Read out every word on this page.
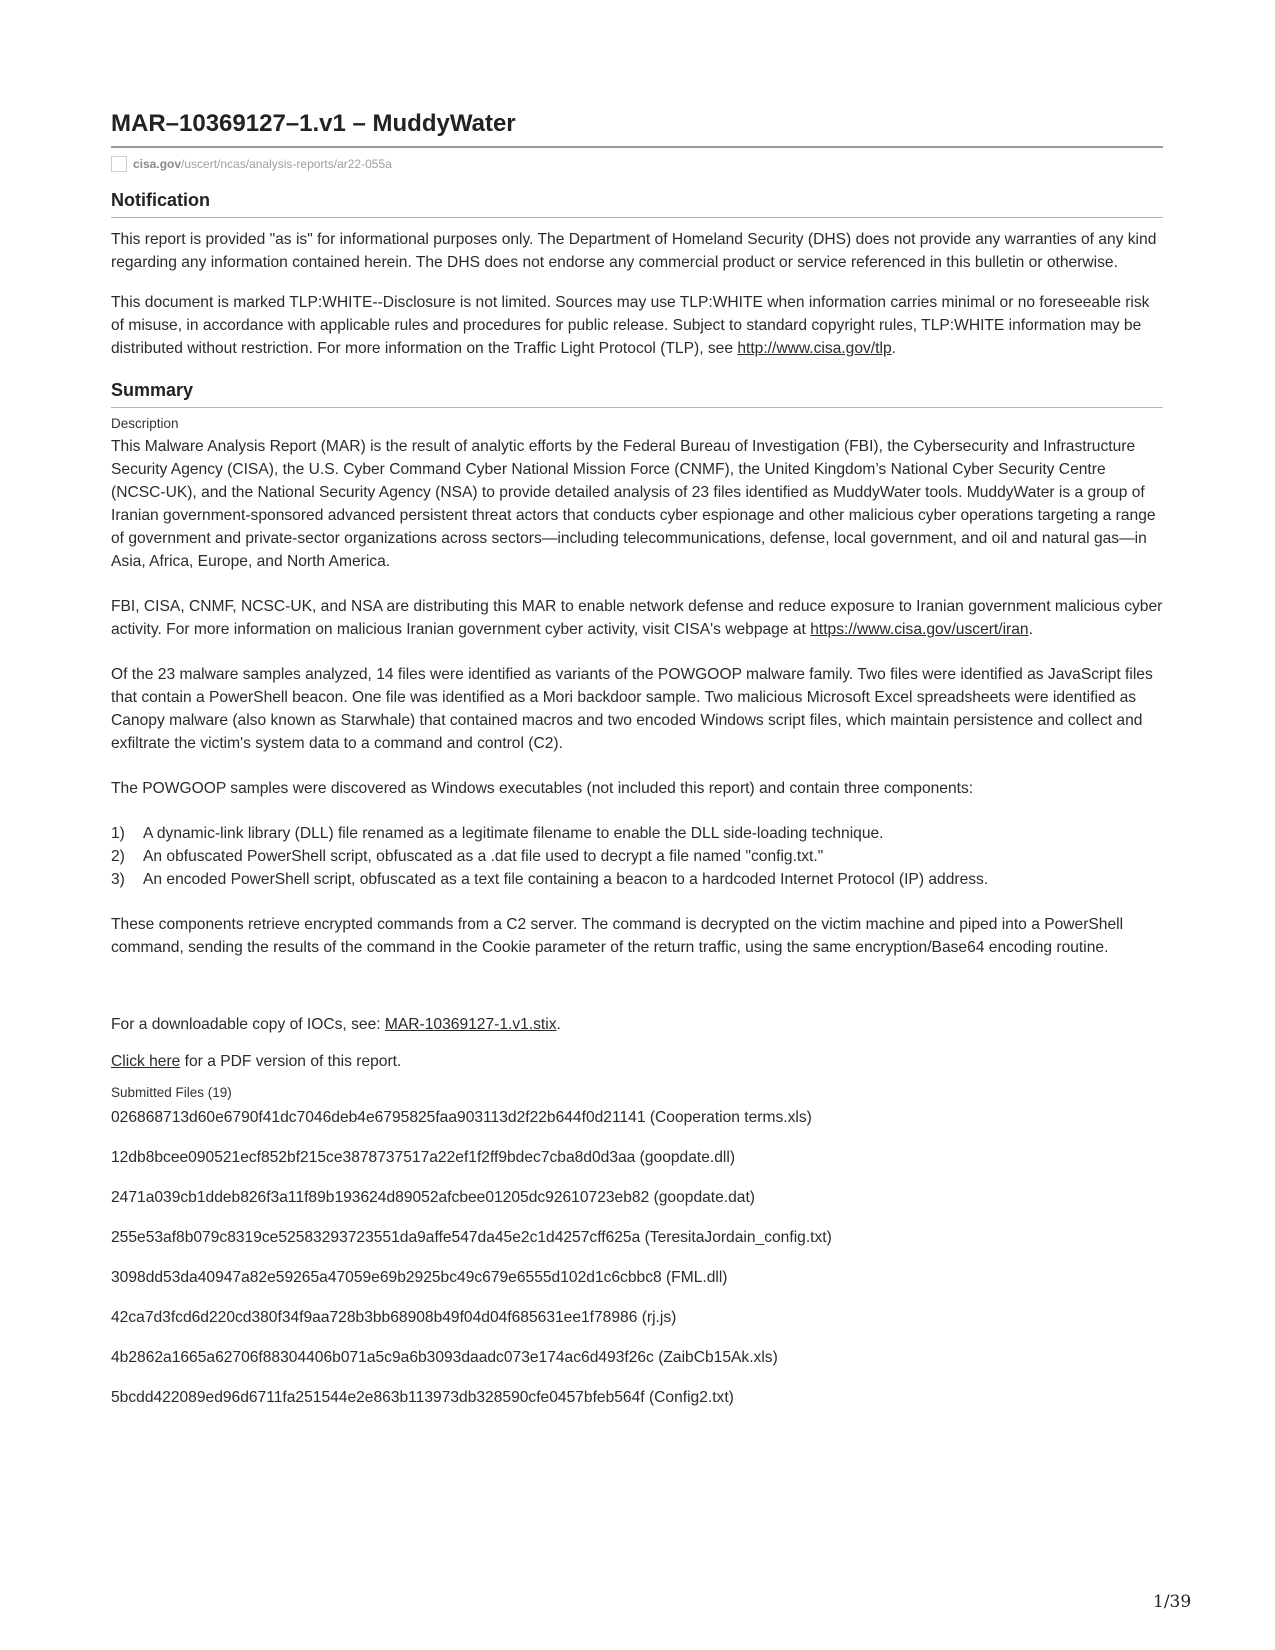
MAR–10369127–1.v1 – MuddyWater
cisa.gov /uscert/ncas/analysis-reports/ar22-055a
Notification

This report is provided "as is" for informational purposes only. The Department of Homeland Security (DHS) does not provide any warranties of any kind regarding any information contained herein. The DHS does not endorse any commercial product or service referenced in this bulletin or otherwise.

This document is marked TLP:WHITE--Disclosure is not limited. Sources may use TLP:WHITE when information carries minimal or no foreseeable risk of misuse, in accordance with applicable rules and procedures for public release. Subject to standard copyright rules, TLP:WHITE information may be distributed without restriction. For more information on the Traffic Light Protocol (TLP), see http://www.cisa.gov/tlp.

Summary
Description

This Malware Analysis Report (MAR) is the result of analytic efforts by the Federal Bureau of Investigation (FBI), the Cybersecurity and Infrastructure Security Agency (CISA), the U.S. Cyber Command Cyber National Mission Force (CNMF), the United Kingdom’s National Cyber Security Centre (NCSC-UK), and the National Security Agency (NSA) to provide detailed analysis of 23 files identified as MuddyWater tools. MuddyWater is a group of Iranian government-sponsored advanced persistent threat actors that conducts cyber espionage and other malicious cyber operations targeting a range of government and private-sector organizations across sectors—including telecommunications, defense, local government, and oil and natural gas—in Asia, Africa, Europe, and North America.

FBI, CISA, CNMF, NCSC-UK, and NSA are distributing this MAR to enable network defense and reduce exposure to Iranian government malicious cyber activity. For more information on malicious Iranian government cyber activity, visit CISA's webpage at https://www.cisa.gov/uscert/iran.

Of the 23 malware samples analyzed, 14 files were identified as variants of the POWGOOP malware family. Two files were identified as JavaScript files that contain a PowerShell beacon. One file was identified as a Mori backdoor sample. Two malicious Microsoft Excel spreadsheets were identified as Canopy malware (also known as Starwhale) that contained macros and two encoded Windows script files, which maintain persistence and collect and exfiltrate the victim's system data to a command and control (C2).

The POWGOOP samples were discovered as Windows executables (not included this report) and contain three components:

1)	A dynamic-link library (DLL) file renamed as a legitimate filename to enable the DLL side-loading technique.
2)	An obfuscated PowerShell script, obfuscated as a .dat file used to decrypt a file named "config.txt."
3)	An encoded PowerShell script, obfuscated as a text file containing a beacon to a hardcoded Internet Protocol (IP) address.

These components retrieve encrypted commands from a C2 server. The command is decrypted on the victim machine and piped into a PowerShell command, sending the results of the command in the Cookie parameter of the return traffic, using the same encryption/Base64 encoding routine.

For a downloadable copy of IOCs, see: MAR-10369127-1.v1.stix.

Click here for a PDF version of this report.

Submitted Files (19)
026868713d60e6790f41dc7046deb4e6795825faa903113d2f22b644f0d21141 (Cooperation terms.xls)
12db8bcee090521ecf852bf215ce3878737517a22ef1f2ff9bdec7cba8d0d3aa (goopdate.dll)
2471a039cb1ddeb826f3a11f89b193624d89052afcbee01205dc92610723eb82 (goopdate.dat)
255e53af8b079c8319ce52583293723551da9affe547da45e2c1d4257cff625a (TeresitaJordain_config.txt)
3098dd53da40947a82e59265a47059e69b2925bc49c679e6555d102d1c6cbbc8 (FML.dll)
42ca7d3fcd6d220cd380f34f9aa728b3bb68908b49f04d04f685631ee1f78986 (rj.js)
4b2862a1665a62706f88304406b071a5c9a6b3093daadc073e174ac6d493f26c (ZaibCb15Ak.xls)
5bcdd422089ed96d6711fa251544e2e863b113973db328590cfe0457bfeb564f (Config2.txt)
1/39
